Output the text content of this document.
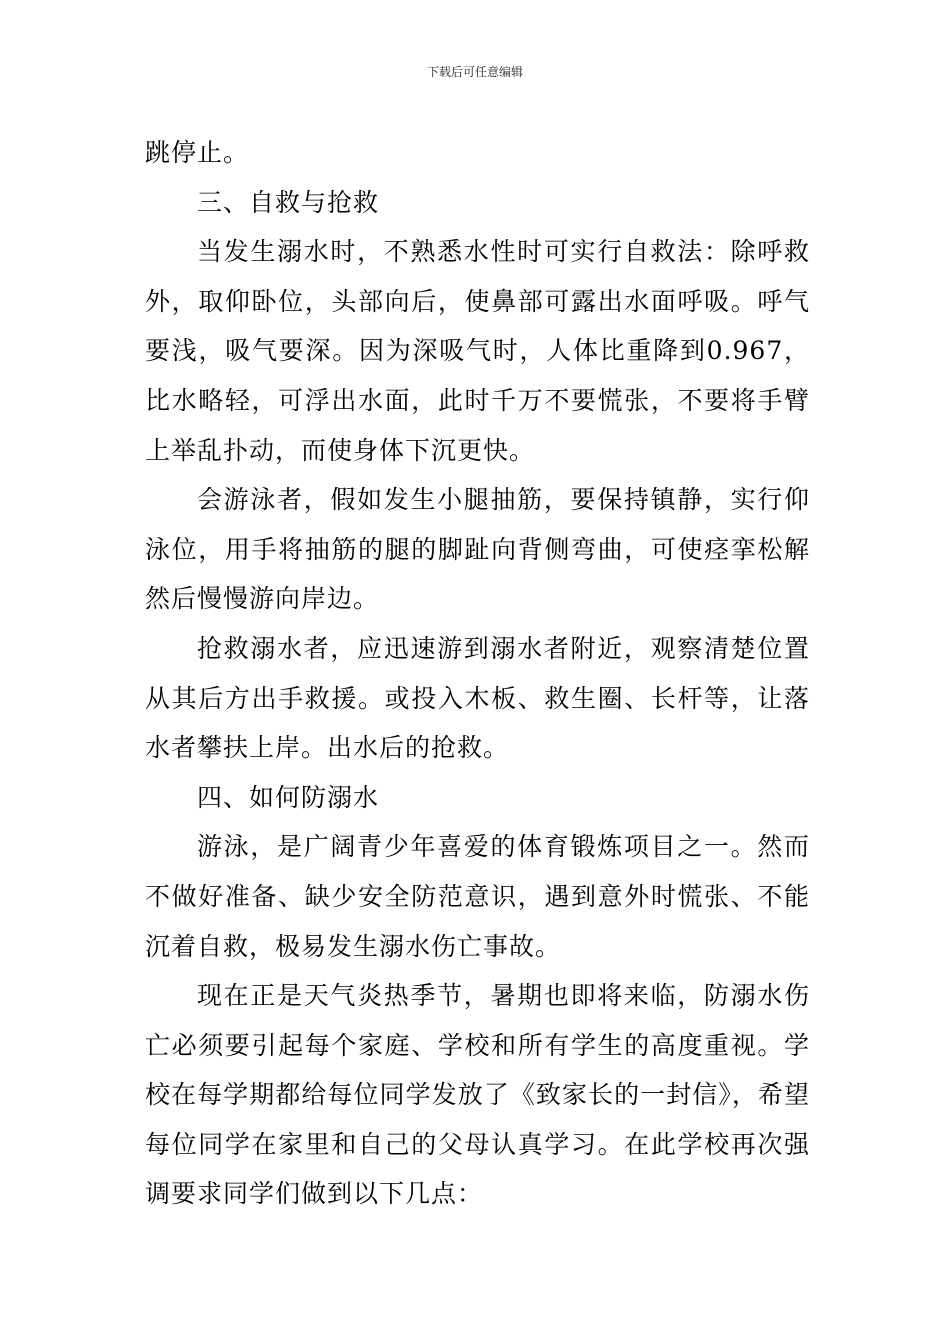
下载后可任意编辑

跳停止。

三、自救与抢救

当发生溺水时，不熟悉水性时可实行自救法：除呼救外，取仰卧位，头部向后，使鼻部可露出水面呼吸。呼气要浅，吸气要深。因为深吸气时，人体比重降到0.967，比水略轻，可浮出水面，此时千万不要慌张，不要将手臂上举乱扑动，而使身体下沉更快。

会游泳者，假如发生小腿抽筋，要保持镇静，实行仰泳位，用手将抽筋的腿的脚趾向背侧弯曲，可使痉挛松解然后慢慢游向岸边。

抢救溺水者，应迅速游到溺水者附近，观察清楚位置从其后方出手救援。或投入木板、救生圈、长杆等，让落水者攀扶上岸。出水后的抢救。

四、如何防溺水

游泳，是广阔青少年喜爱的体育锻炼项目之一。然而不做好准备、缺少安全防范意识，遇到意外时慌张、不能沉着自救，极易发生溺水伤亡事故。

现在正是天气炎热季节，暑期也即将来临，防溺水伤亡必须要引起每个家庭、学校和所有学生的高度重视。学校在每学期都给每位同学发放了《致家长的一封信》，希望每位同学在家里和自己的父母认真学习。在此学校再次强调要求同学们做到以下几点：
